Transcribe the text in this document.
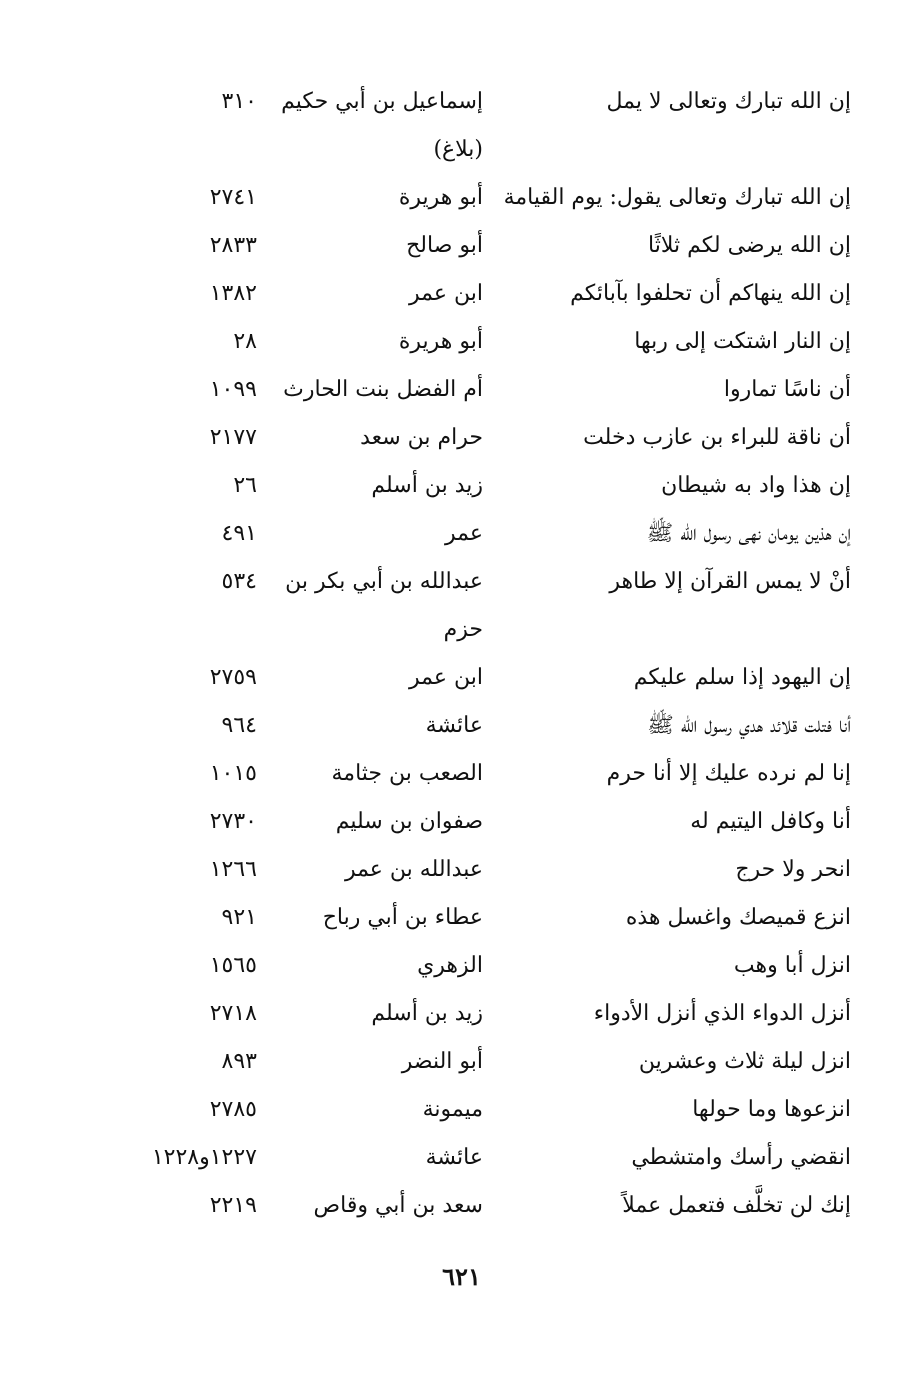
إن الله تبارك وتعالى لا يمل
إسماعيل بن أبي حكيم
٣١٠
(بلاغ)
إن الله تبارك وتعالى يقول: يوم القيامة
أبو هريرة
٢٧٤١
إن الله يرضى لكم ثلاثًا
أبو صالح
٢٨٣٣
إن الله ينهاكم أن تحلفوا بآبائكم
ابن عمر
١٣٨٢
إن النار اشتكت إلى ربها
أبو هريرة
٢٨
أن ناسًا تماروا
أم الفضل بنت الحارث
١٠٩٩
أن ناقة للبراء بن عازب دخلت
حرام بن سعد
٢١٧٧
إن هذا واد به شيطان
زيد بن أسلم
٢٦
إن هذين يومان نهى رسول الله ﷺ
عمر
٤٩١
أنْ لا يمس القرآن إلا طاهر
عبدالله بن أبي بكر بن
٥٣٤
حزم
إن اليهود إذا سلم عليكم
ابن عمر
٢٧٥٩
أنا فتلت قلائد هدي رسول الله ﷺ
عائشة
٩٦٤
إنا لم نرده عليك إلا أنا حرم
الصعب بن جثامة
١٠١٥
أنا وكافل اليتيم له
صفوان بن سليم
٢٧٣٠
انحر ولا حرج
عبدالله بن عمر
١٢٦٦
انزع قميصك واغسل هذه
عطاء بن أبي رباح
٩٢١
انزل أبا وهب
الزهري
١٥٦٥
أنزل الدواء الذي أنزل الأدواء
زيد بن أسلم
٢٧١٨
انزل ليلة ثلاث وعشرين
أبو النضر
٨٩٣
انزعوها وما حولها
ميمونة
٢٧٨٥
انقضي رأسك وامتشطي
عائشة
١٢٢٧و١٢٢٨
إنك لن تخلَّف فتعمل عملاً
سعد بن أبي وقاص
٢٢١٩
٦٢١
